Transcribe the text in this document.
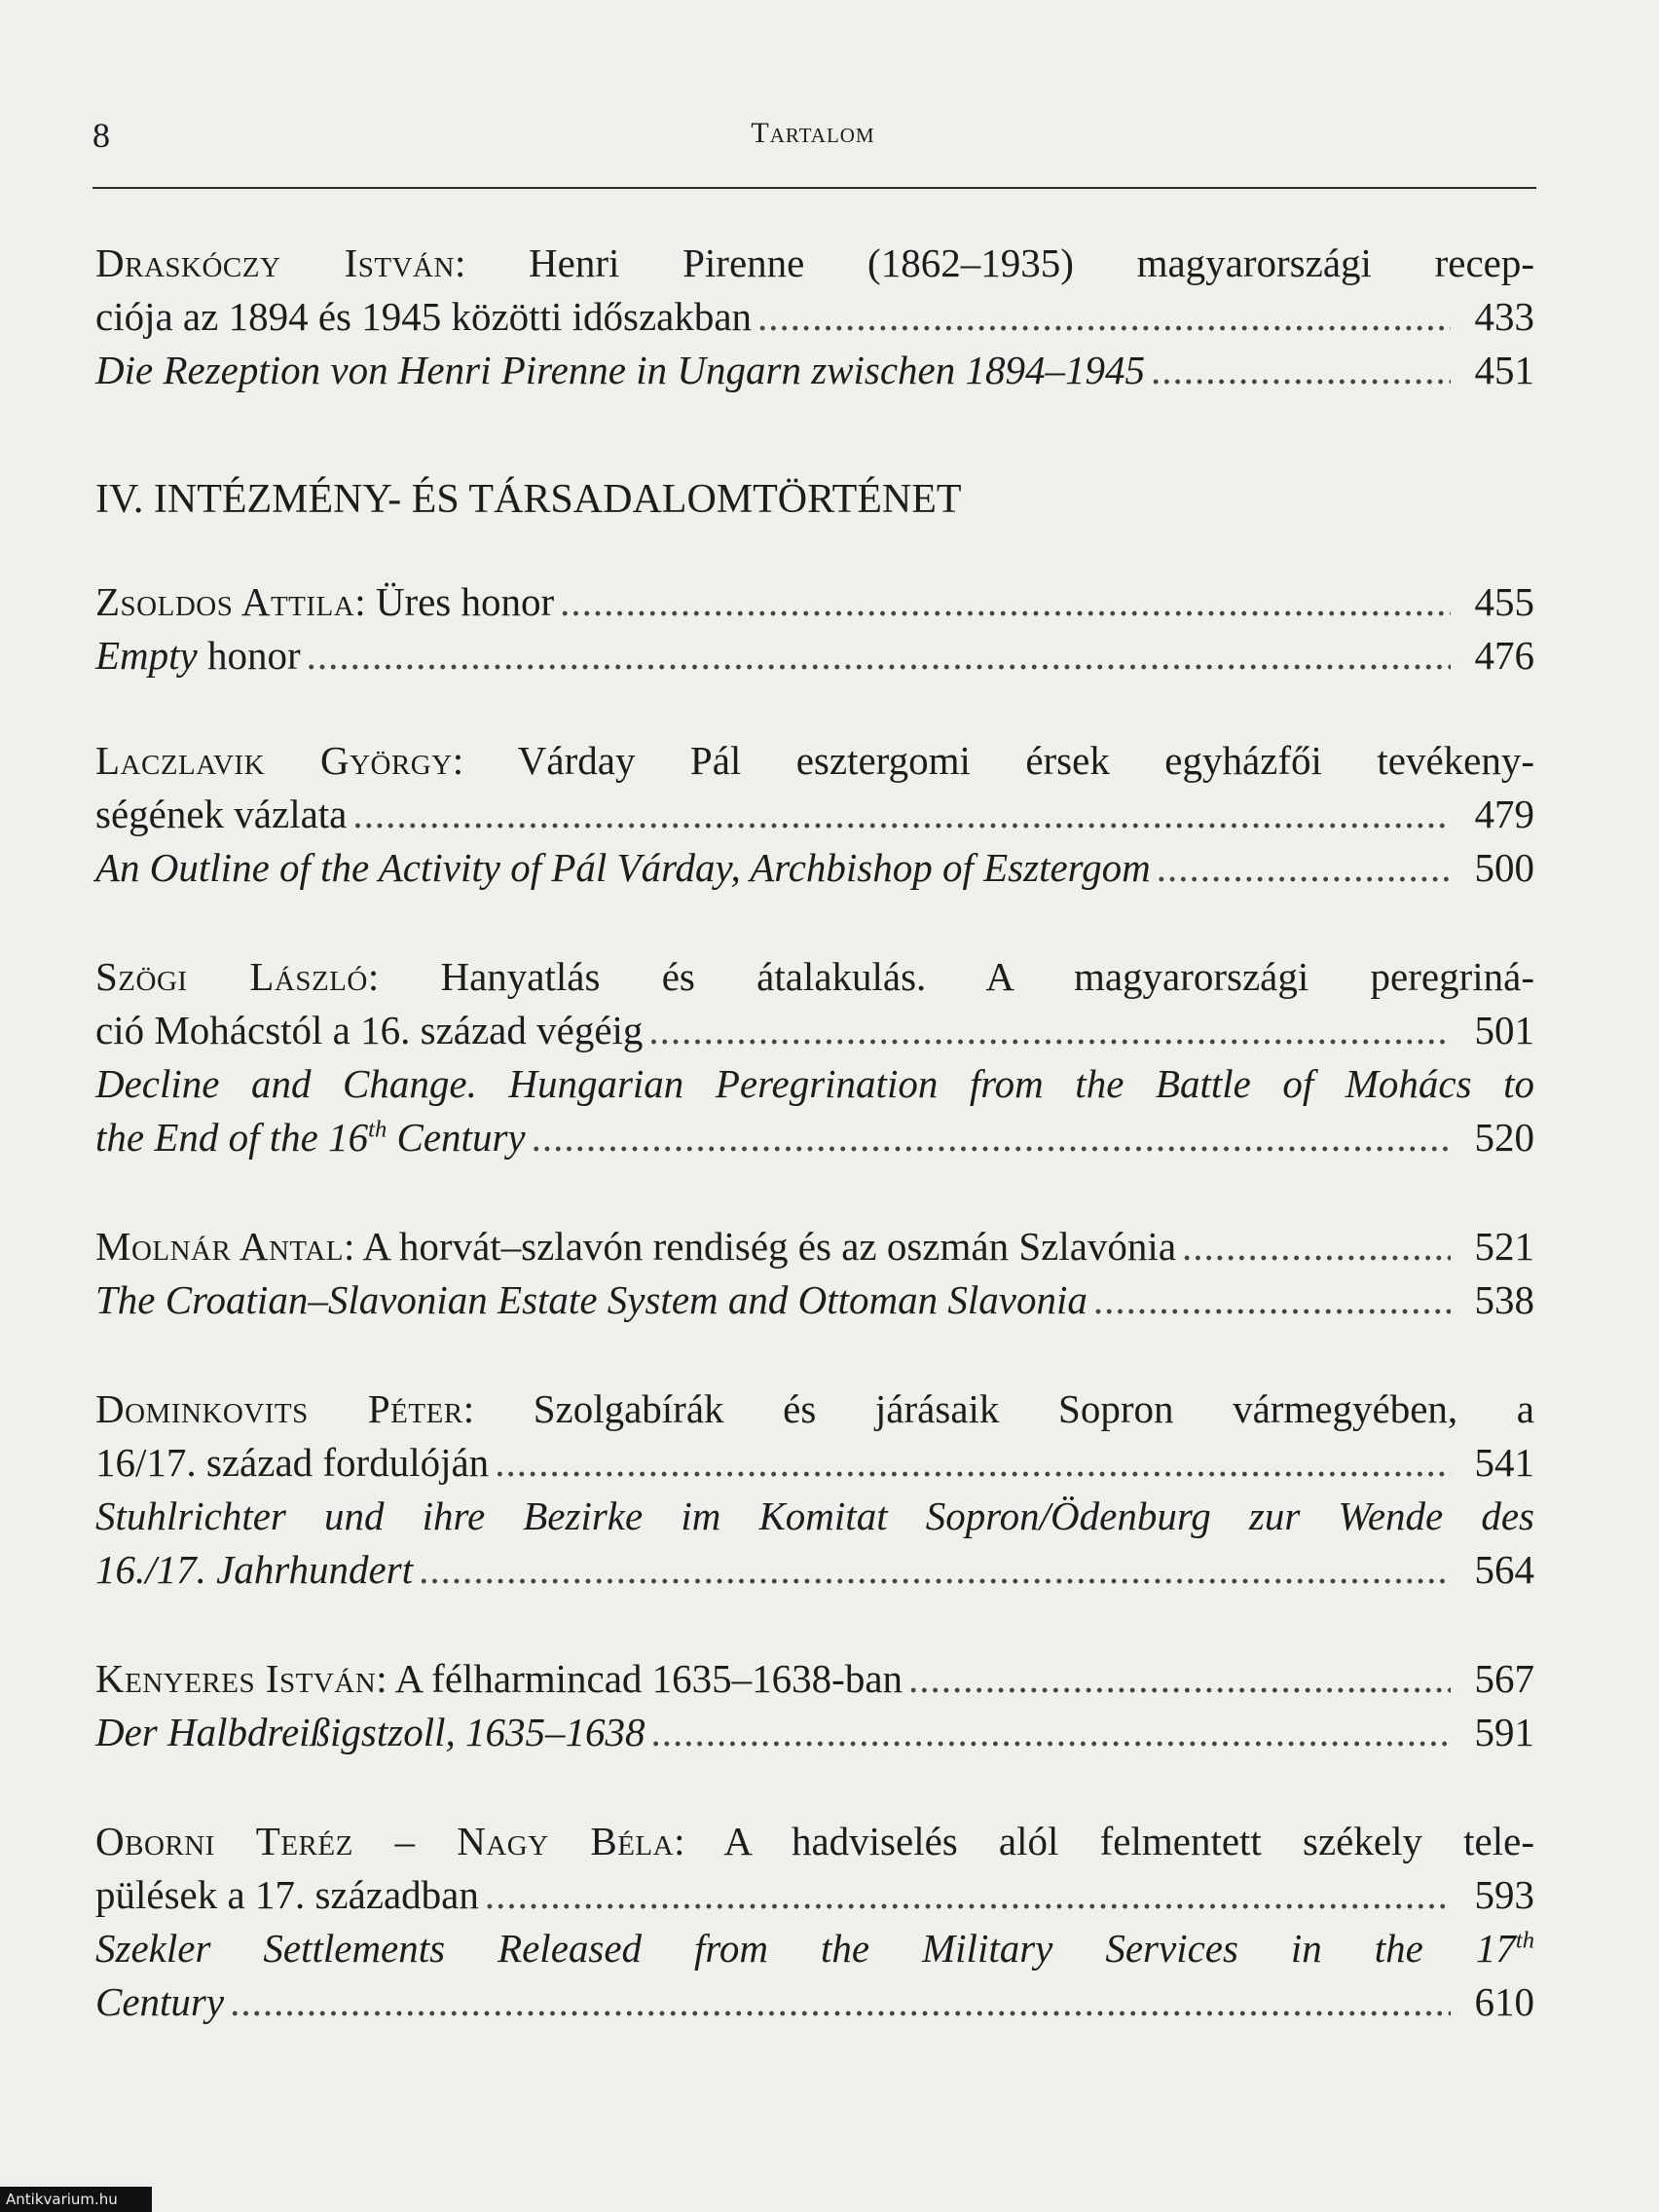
8	Tartalom
Draskóczy István: Henri Pirenne (1862–1935) magyarországi recep-
ciója az 1894 és 1945 közötti időszakban .....	433
Die Rezeption von Henri Pirenne in Ungarn zwischen 1894–1945 .....	451
IV. INTÉZMÉNY- ÉS TÁRSADALOMTÖRTÉNET
Zsoldos Attila: Üres honor .....	455
Empty honor .....	476
Laczlavik György: Várday Pál esztergomi érsek egyházfői tevékeny-
ségének vázlata .....	479
An Outline of the Activity of Pál Várday, Archbishop of Esztergom .....	500
Szögi László: Hanyatlás és átalakulás. A magyarországi peregriná-
ció Mohácstól a 16. század végéig .....	501
Decline and Change. Hungarian Peregrination from the Battle of Mohács to
the End of the 16th Century .....	520
Molnár Antal: A horvát–szlavón rendiség és az oszmán Szlavónia .....	521
The Croatian–Slavonian Estate System and Ottoman Slavonia .....	538
Dominkovits Péter: Szolgabírák és járásaik Sopron vármegyében, a
16/17. század fordulóján .....	541
Stuhlrichter und ihre Bezirke im Komitat Sopron/Ödenburg zur Wende des
16./17. Jahrhundert .....	564
Kenyeres István: A félharmincad 1635–1638-ban .....	567
Der Halbdreißigstzoll, 1635–1638 .....	591
Oborni Teréz – Nagy Béla: A hadviselés alól felmentett székely tele-
pülések a 17. században .....	593
Szekler Settlements Released from the Military Services in the 17th
Century .....	610
Antikvarium.hu
